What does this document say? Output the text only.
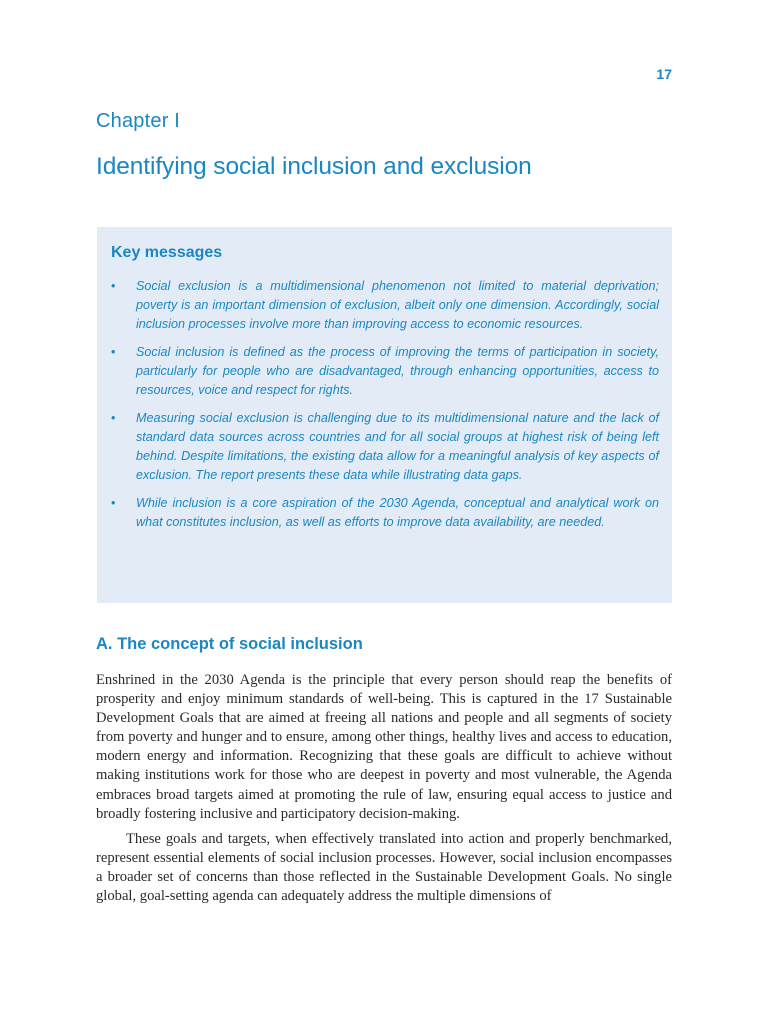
17
Chapter I
Identifying social inclusion and exclusion
Key messages
• Social exclusion is a multidimensional phenomenon not limited to material deprivation; poverty is an important dimension of exclusion, albeit only one dimension. Accordingly, social inclusion processes involve more than improving access to economic resources.
• Social inclusion is defined as the process of improving the terms of participation in society, particularly for people who are disadvantaged, through enhancing opportunities, access to resources, voice and respect for rights.
• Measuring social exclusion is challenging due to its multidimensional nature and the lack of standard data sources across countries and for all social groups at highest risk of being left behind. Despite limitations, the existing data allow for a meaningful analysis of key aspects of exclusion. The report presents these data while illustrating data gaps.
• While inclusion is a core aspiration of the 2030 Agenda, conceptual and analytical work on what constitutes inclusion, as well as efforts to improve data availability, are needed.
A. The concept of social inclusion

Enshrined in the 2030 Agenda is the principle that every person should reap the benefits of prosperity and enjoy minimum standards of well-being. This is captured in the 17 Sustainable Development Goals that are aimed at freeing all nations and people and all segments of society from poverty and hunger and to ensure, among other things, healthy lives and access to education, modern energy and information. Recognizing that these goals are difficult to achieve without making institutions work for those who are deepest in poverty and most vulnerable, the Agenda embraces broad targets aimed at promoting the rule of law, ensuring equal access to justice and broadly fostering inclusive and participatory decision-making.

These goals and targets, when effectively translated into action and properly benchmarked, represent essential elements of social inclusion processes. However, social inclusion encompasses a broader set of concerns than those reflected in the Sustainable Development Goals. No single global, goal-setting agenda can adequately address the multiple dimensions of
